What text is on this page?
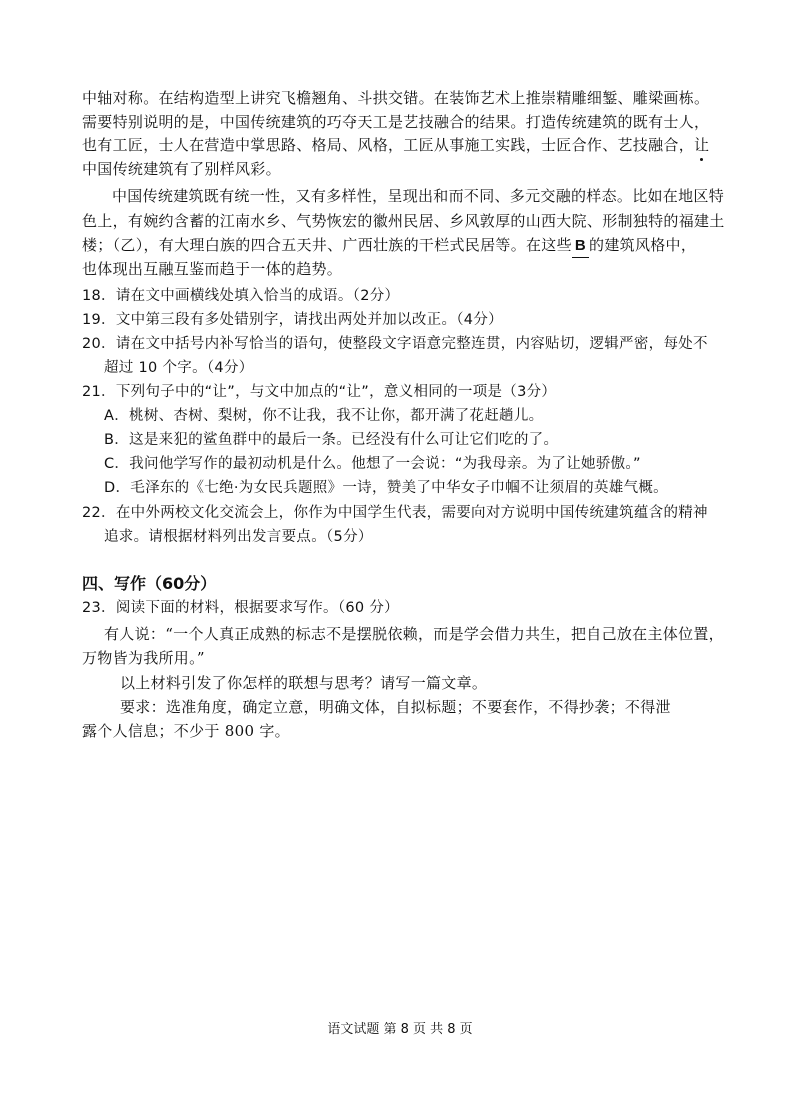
中轴对称。在结构造型上讲究飞檐翘角、斗拱交错。在装饰艺术上推崇精雕细錾、雕梁画栋。
需要特别说明的是，中国传统建筑的巧夺天工是艺技融合的结果。打造传统建筑的既有士人，
也有工匠，士人在营造中掌思路、格局、风格，工匠从事施工实践，士匠合作、艺技融合，让
中国传统建筑有了别样风彩。
中国传统建筑既有统一性，又有多样性，呈现出和而不同、多元交融的样态。比如在地区特
色上，有婉约含蓄的江南水乡、气势恢宏的徽州民居、乡风敦厚的山西大院、形制独特的福建土
楼；（乙），有大理白族的四合五天井、广西壮族的干栏式民居等。在这些 B 的建筑风格中，
也体现出互融互鉴而趋于一体的趋势。
18．请在文中画横线处填入恰当的成语。（2分）
19．文中第三段有多处错别字，请找出两处并加以改正。（4分）
20．请在文中括号内补写恰当的语句，使整段文字语意完整连贯，内容贴切，逻辑严密，每处不
超过 10 个字。（4分）
21．下列句子中的“让”，与文中加点的“让”，意义相同的一项是（3分）
A．桃树、杏树、梨树，你不让我，我不让你，都开满了花赶趟儿。
B．这是来犯的鲨鱼群中的最后一条。已经没有什么可让它们吃的了。
C．我问他学写作的最初动机是什么。他想了一会说：“为我母亲。为了让她骄傲。”
D．毛泽东的《七绝·为女民兵题照》一诗，赞美了中华女子巾帼不让须眉的英雄气概。
22．在中外两校文化交流会上，你作为中国学生代表，需要向对方说明中国传统建筑蕴含的精神
追求。请根据材料列出发言要点。（5分）
四、写作（60分）
23．阅读下面的材料，根据要求写作。（60 分）
有人说：“一个人真正成熟的标志不是摆脱依赖，而是学会借力共生，把自己放在主体位置，
万物皆为我所用。”
以上材料引发了你怎样的联想与思考？请写一篇文章。
要求：选准角度，确定立意，明确文体，自拟标题；不要套作，不得抄袭；不得泄
露个人信息；不少于 800 字。
语文试题 第 8 页 共 8 页
